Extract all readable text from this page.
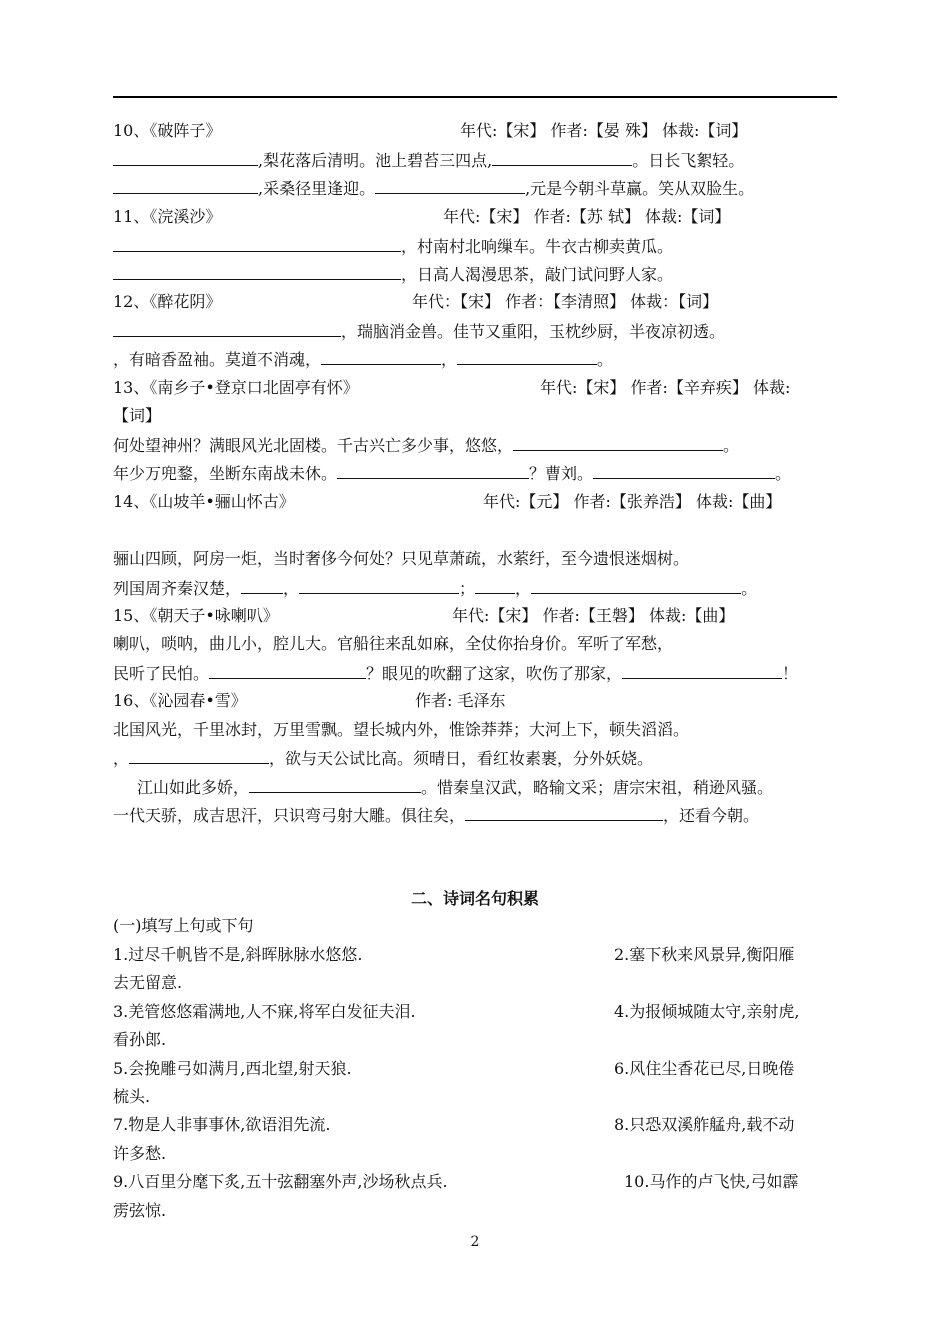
10、《破阵子》	年代:【宋】 作者:【晏 殊】 体裁:【词】
,梨花落后清明。池上碧苔三四点,	。日长飞絮轻。
,采桑径里逢迎。	,元是今朝斗草赢。笑从双脸生。
11、《浣溪沙》	年代:【宋】 作者:【苏 轼】 体裁:【词】
，村南村北响缫车。牛衣古柳卖黄瓜。
，日高人渴漫思茶，敲门试问野人家。
12、《醉花阴》	年代：【宋】 作者：【李清照】 体裁：【词】
，瑞脑消金兽。佳节又重阳，玉枕纱厨，半夜凉初透。
，有暗香盈袖。莫道不消魂，	，	。
13、《南乡子•登京口北固亭有怀》	年代:【宋】 作者:【辛弃疾】 体裁:
【词】
何处望神州？满眼风光北固楼。千古兴亡多少事，悠悠，	。
年少万兜鍪，坐断东南战未休。	？曹刘。	。
14、《山坡羊•骊山怀古》	年代:【元】 作者:【张养浩】 体裁:【曲】
骊山四顾，阿房一炬，当时奢侈今何处？只见草萧疏，水萦纡，至今遗恨迷烟树。
列国周齐秦汉楚，	，	；	，	。
15、《朝天子•咏喇叭》	年代:【宋】 作者:【王磐】 体裁:【曲】
喇叭，唢呐，曲儿小，腔儿大。官船往来乱如麻，全仗你抬身价。军听了军愁，
民听了民怕。	？眼见的吹翻了这家，吹伤了那家，	！
16、《沁园春•雪》	作者: 毛泽东
北国风光，千里冰封，万里雪飘。望长城内外，惟馀莽莽；大河上下，顿失滔滔。
，	，欲与天公试比高。须晴日，看红妆素裹，分外妖娆。
江山如此多娇，	。惜秦皇汉武，略输文采；唐宗宋祖，稍逊风骚。
一代天骄，成吉思汗，只识弯弓射大雕。俱往矣，	，还看今朝。
二、诗词名句积累
(一)填写上句或下句
1.过尽千帆皆不是,斜晖脉脉水悠悠.	2.塞下秋来风景异,衡阳雁
去无留意.
3.羌管悠悠霜满地,人不寐,将军白发征夫泪.	4.为报倾城随太守,亲射虎,
看孙郎.
5.会挽雕弓如满月,西北望,射天狼.	6.风住尘香花已尽,日晚倦
梳头.
7.物是人非事事休,欲语泪先流.	8.只恐双溪舴艋舟,载不动
许多愁.
9.八百里分麾下炙,五十弦翻塞外声,沙场秋点兵.	10.马作的卢飞快,弓如霹
雳弦惊.
2
